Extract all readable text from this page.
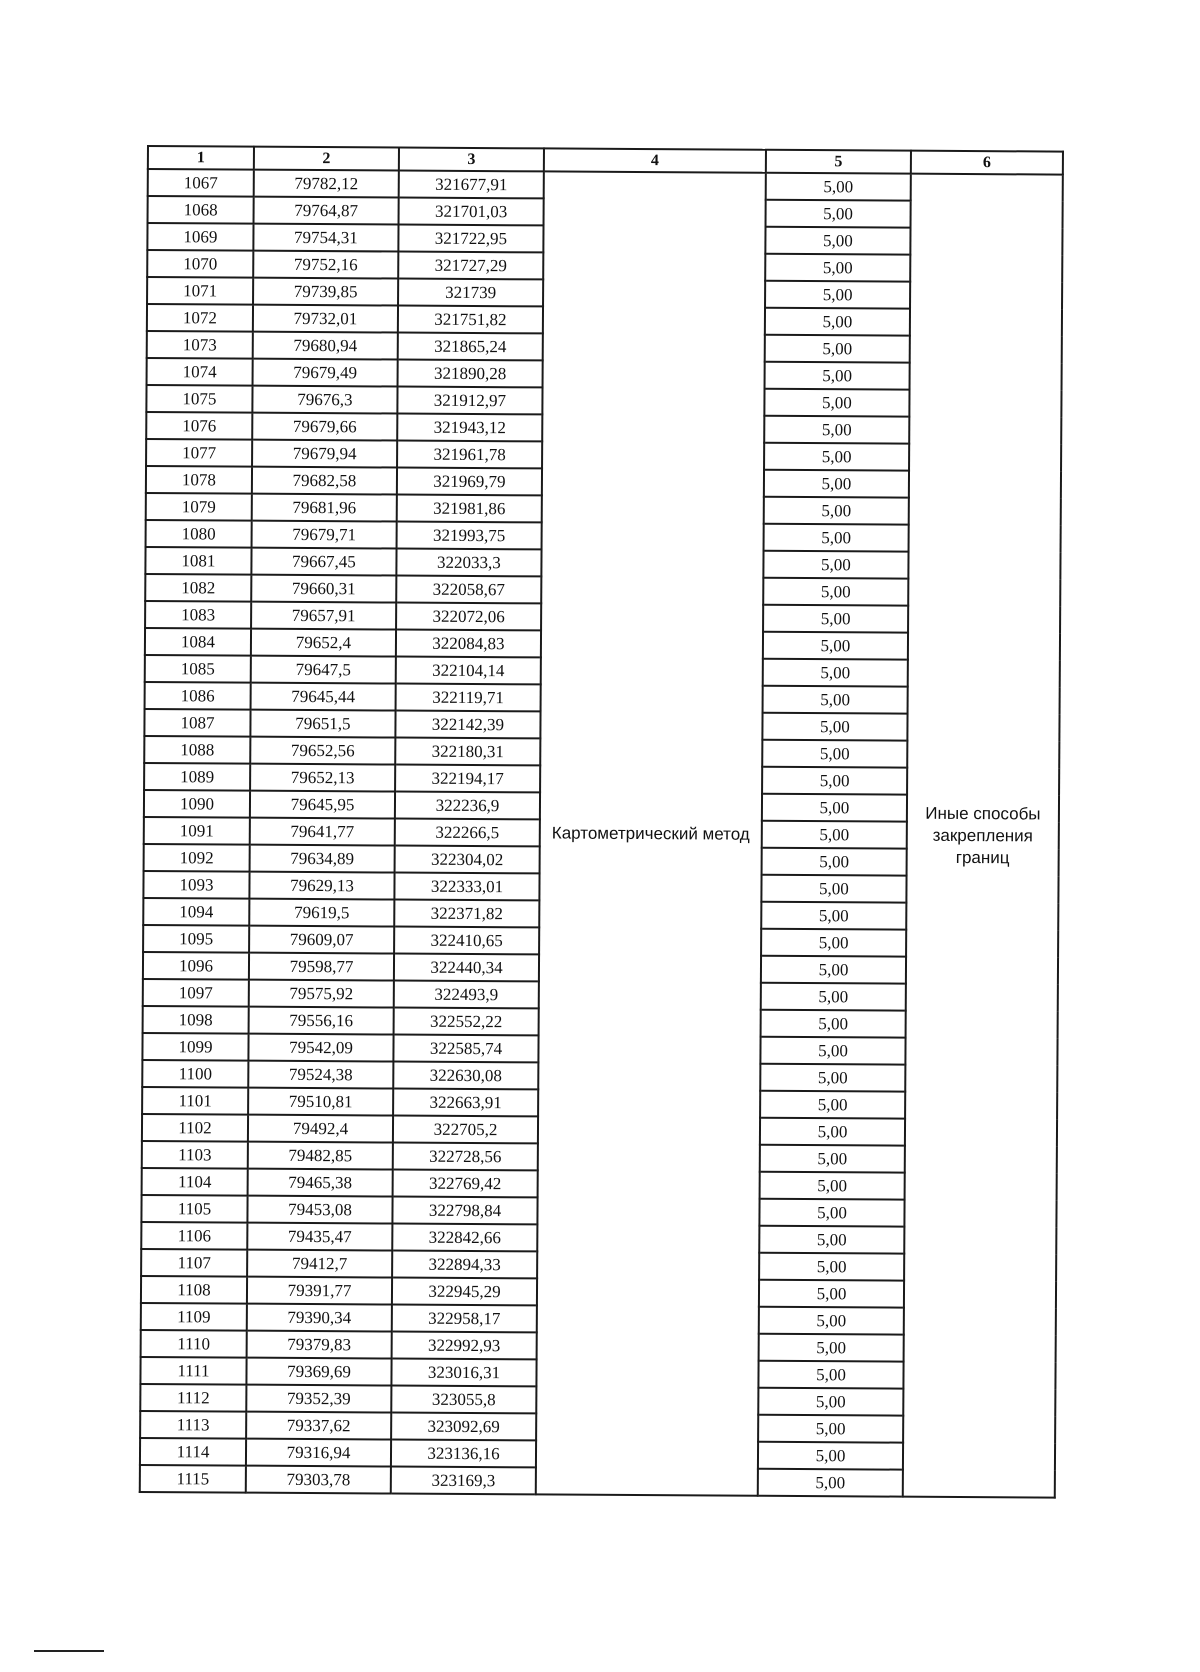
1	2	3	4	5	6
1067	79782,12	321677,91	Картометрический метод	5,00	Иные способы
закрепления
границ

1068	79764,87	321701,03		5,00	
1069	79754,31	321722,95		5,00	
1070	79752,16	321727,29		5,00	
1071	79739,85	321739		5,00	
1072	79732,01	321751,82		5,00	
1073	79680,94	321865,24		5,00	
1074	79679,49	321890,28		5,00	
1075	79676,3	321912,97		5,00	
1076	79679,66	321943,12		5,00	
1077	79679,94	321961,78		5,00	
1078	79682,58	321969,79		5,00	
1079	79681,96	321981,86		5,00	
1080	79679,71	321993,75		5,00	
1081	79667,45	322033,3		5,00	
1082	79660,31	322058,67		5,00	
1083	79657,91	322072,06		5,00	
1084	79652,4	322084,83		5,00	
1085	79647,5	322104,14		5,00	
1086	79645,44	322119,71		5,00	
1087	79651,5	322142,39		5,00	
1088	79652,56	322180,31		5,00	
1089	79652,13	322194,17		5,00	
1090	79645,95	322236,9		5,00	
1091	79641,77	322266,5		5,00	
1092	79634,89	322304,02		5,00	
1093	79629,13	322333,01		5,00	
1094	79619,5	322371,82		5,00	
1095	79609,07	322410,65		5,00	
1096	79598,77	322440,34		5,00	
1097	79575,92	322493,9		5,00	
1098	79556,16	322552,22		5,00	
1099	79542,09	322585,74		5,00	
1100	79524,38	322630,08		5,00	
1101	79510,81	322663,91		5,00	
1102	79492,4	322705,2		5,00	
1103	79482,85	322728,56		5,00	
1104	79465,38	322769,42		5,00	
1105	79453,08	322798,84		5,00	
1106	79435,47	322842,66		5,00	
1107	79412,7	322894,33		5,00	
1108	79391,77	322945,29		5,00	
1109	79390,34	322958,17		5,00	
1110	79379,83	322992,93		5,00	
1111	79369,69	323016,31		5,00	
1112	79352,39	323055,8		5,00	
1113	79337,62	323092,69		5,00	
1114	79316,94	323136,16		5,00	
1115	79303,78	323169,3		5,00	
